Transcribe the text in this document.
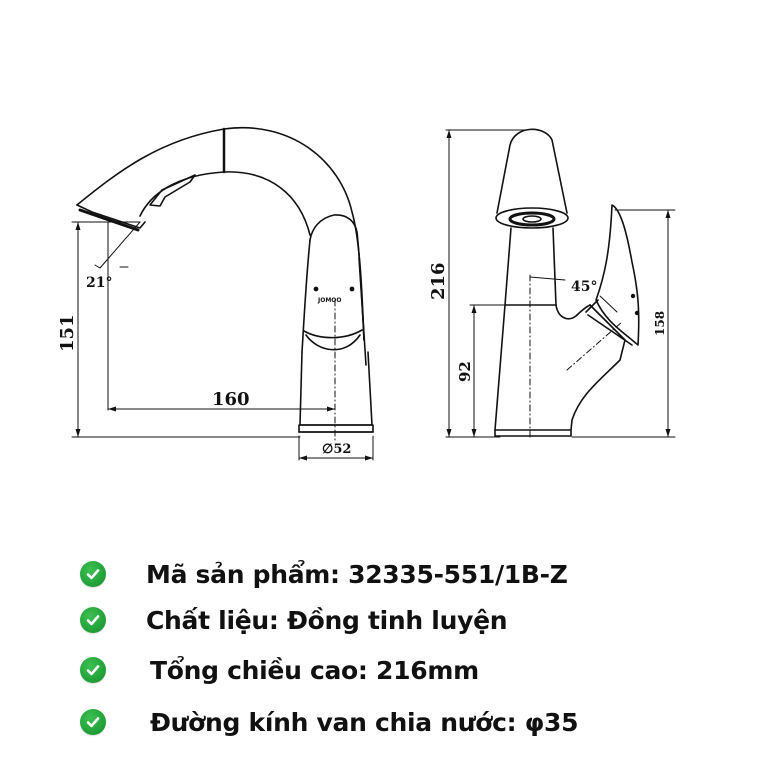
21°
151
160
∅52
JOMOO
216
92
158
45°
Mã sản phẩm: 32335-551/1B-Z
Chất liệu: Đồng tinh luyện
Tổng chiều cao: 216mm
Đường kính van chia nước: φ35
